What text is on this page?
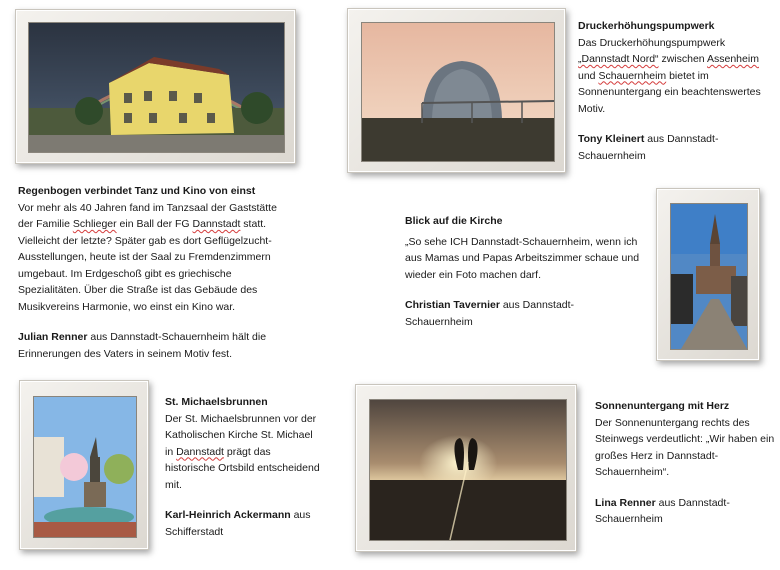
Regenbogen verbindet Tanz und Kino von einst

Vor mehr als 40 Jahren fand im Tanzsaal der Gaststätte der Familie Schlieger ein Ball der FG Dannstadt statt. Vielleicht der letzte? Später gab es dort Geflügelzucht-Ausstellungen, heute ist der Saal zu Fremdenzimmern umgebaut. Im Erdgeschoß gibt es griechische Spezialitäten. Über die Straße ist das Gebäude des Musikvereins Harmonie, wo einst ein Kino war.

Julian Renner aus Dannstadt-Schauernheim hält die Erinnerungen des Vaters in seinem Motiv fest.

Druckerhöhungspumpwerk

Das Druckerhöhungspumpwerk „Dannstadt Nord“ zwischen Assenheim und Schauernheim bietet im Sonnenuntergang ein beachtenswertes Motiv.

Tony Kleinert aus Dannstadt-Schauernheim

Blick auf die Kirche

„So sehe ICH Dannstadt-Schauernheim, wenn ich aus Mamas und Papas Arbeitszimmer schaue und wieder ein Foto machen darf.

Christian Tavernier aus Dannstadt-Schauernheim

St. Michaelsbrunnen

Der St. Michaelsbrunnen vor der Katholischen Kirche St. Michael in Dannstadt prägt das historische Ortsbild entscheidend mit.

Karl-Heinrich Ackermann aus Schifferstadt

Sonnenuntergang mit Herz

Der Sonnenuntergang rechts des Steinwegs verdeutlicht: „Wir haben ein großes Herz in Dannstadt-Schauernheim“.

Lina Renner aus Dannstadt-Schauernheim
